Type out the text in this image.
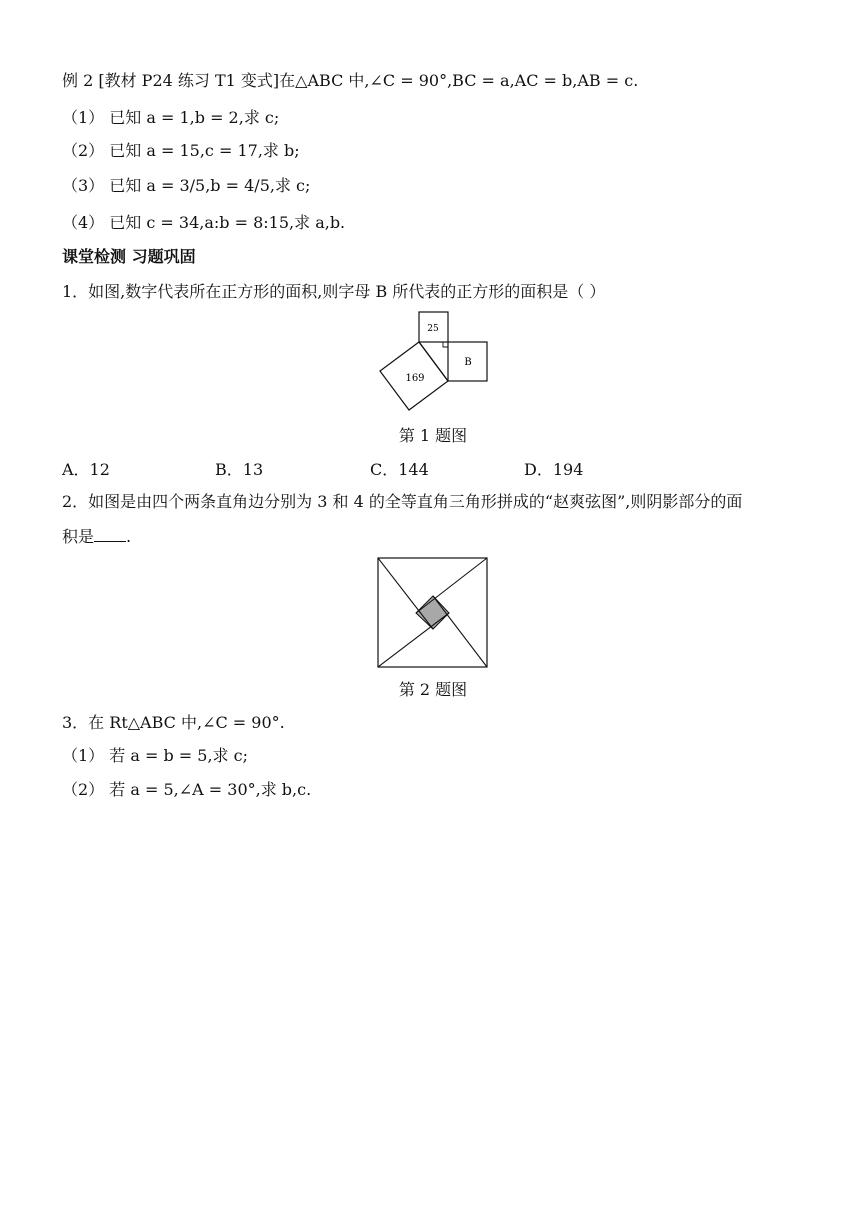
例 2 [教材 P24 练习 T1 变式]在△ABC 中,∠C = 90°,BC = a,AC = b,AB = c.
（1） 已知 a = 1,b = 2,求 c;
（2） 已知 a = 15,c = 17,求 b;
（3） 已知 a = 3/5,b = 4/5,求 c;
（4） 已知 c = 34,a:b = 8:15,求 a,b.
课堂检测 习题巩固
1．如图,数字代表所在正方形的面积,则字母 B 所代表的正方形的面积是（ ）
25
B
169
第 1 题图
A．12	B．13	C．144	D．194
2．如图是由四个两条直角边分别为 3 和 4 的全等直角三角形拼成的“赵爽弦图”,则阴影部分的面
积是 .
第 2 题图
3．在 Rt△ABC 中,∠C = 90°.
（1） 若 a = b = 5,求 c;
（2） 若 a = 5,∠A = 30°,求 b,c.
